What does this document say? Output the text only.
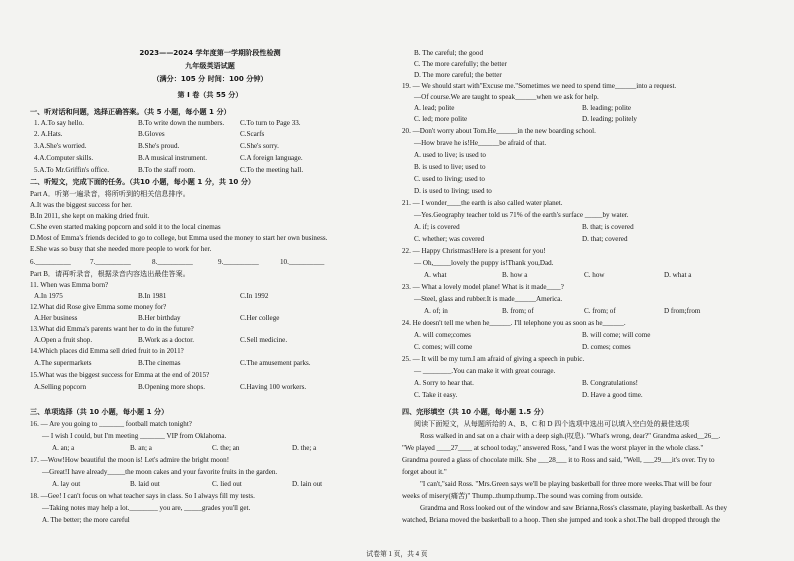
2023——2024 学年度第一学期阶段性检测
九年级英语试题
（满分：105 分 时间：100 分钟）
第 I 卷（共 55 分）
一、听对话和问题，选择正确答案。（共 5 小题，每小题 1 分）
1. A.To say hello.	B.To write down the numbers. C.To turn to Page 33.
2. A.Hats.	B.Gloves	C.Scarfs
3.A.She's worried.	B.She's proud.	C.She's sorry.
4.A.Computer skills.	B.A musical instrument.	C.A foreign language.
5.A.To Mr.Griffin's office.	B.To the staff room.	C.To the meeting hall.
二、听短文，完成下面的任务。（共10 小题，每小题 1 分，共 10 分）
Part A．听第一遍录音，将所听到的相关信息排序。
A.It was the biggest success for her.
B.In 2011, she kept on making dried fruit.
C.She even started making popcorn and sold it to the local cinemas
D.Most of Emma's friends decided to go to college, but Emma used the money to start her own business.
E.She was so busy that she needed more people to work for her.
6.__________	7.__________	8.__________	9.__________	10.__________
Part B．请再听录音，根据录音内容选出最佳答案。
11. When was Emma born?
A.In 1975	B.In 1981	C.In 1992
12.What did Rose give Emma some money for?
A.Her business	B.Her birthday	C.Her college
13.What did Emma's parents want her to do in the future?
A.Open a fruit shop.	B.Work as a doctor.	C.Sell medicine.
14.Which places did Emma sell dried fruit to in 2011?
A.The supermarkets	B.The cinemas	C.The amusement parks.
15.What was the biggest success for Emma at the end of 2015?
A.Selling popcorn	B.Opening more shops.	C.Having 100 workers.
三、单项选择（共 10 小题，每小题 1 分）
16. — Are you going to _______ football match tonight?
— I wish I could, but I'm meeting _______ VIP from Oklahoma.
A. an; a	B. an; a	C. the; an	D. the; a
17. —Wow!How beautiful the moon is! Let's admire the bright moon!
—Great!I have already_____the moon cakes and your favorite fruits in the garden.
A. lay out	B. laid out	C. lied out	D. lain out
18. —Gee! I can't focus on what teacher says in class. So I always fill my tests.
—Taking notes may help a lot.________ you are, _____grades you'll get.
A. The better; the more careful
B. The careful; the good
C. The more carefully; the better
D. The more careful; the better
19. — We should start with"Excuse me."Sometimes we need to spend time______into a request.
—Of course.We are taught to speak______when we ask for help.
A. lead; polite	B. leading; polite
C. led; more polite	D. leading; politely
20. —Don't worry about Tom.He______in the new boarding school.
—How brave he is!He______be afraid of that.
A. used to live; is used to
B. is used to live; used to
C. used to living; used to
D. is used to living; used to
21. — I wonder____the earth is also called water planet.
—Yes.Geography teacher told us 71% of the earth's surface _____by water.
A. if; is covered	B. that; is covered
C. whether; was covered	D. that; covered
22. — Happy Christmas!Here is a present for you!
— Oh,_____lovely the puppy is!Thank you,Dad.
A. what	B. how a	C. how	D. what a
23. — What a lovely model plane! What is it made____?
—Steel, glass and rubber.It is made______America.
A. of; in	B. from; of	C. from; of	D from;from
24. He doesn't tell me when he______. I'll telephone you as soon as he______.
A. will come;comes	B. will come; will come
C. comes; will come	D. comes; comes
25. — It will be my turn.I am afraid of giving a speech in pubic.
— ________.You can make it with great courage.
A. Sorry to hear that.	B. Congratulations!
C. Take it easy.	D. Have a good time.
四、完形填空（共 10 小题，每小题 1.5 分）
阅读下面短文，从每题所给的 A、B、C 和 D 四个选项中选出可以填入空白处的最佳选项
Ross walked in and sat on a chair with a deep sigh.(叹息). "What's wrong, dear?" Grandma asked__26__.
"We played ____27____ at school today," answered Ross, "and I was the worst player in the whole class."
Grandma poured a glass of chocolate milk. She ___28___ it to Ross and said, "Well, ___29___it's over. Try to
forget about it."
"I can't,"said Ross. "Mrs.Green says we'll be playing basketball for three more weeks.That will be four
weeks of misery(痛苦)" Thump..thump.thump..The sound was coming from outside.
Grandma and Ross looked out of the window and saw Brianna,Ross's classmate, playing basketball. As they
watched, Briana moved the basketball to a hoop. Then she jumped and took a shot.The ball dropped through the
试卷第 1 页，共 4 页
